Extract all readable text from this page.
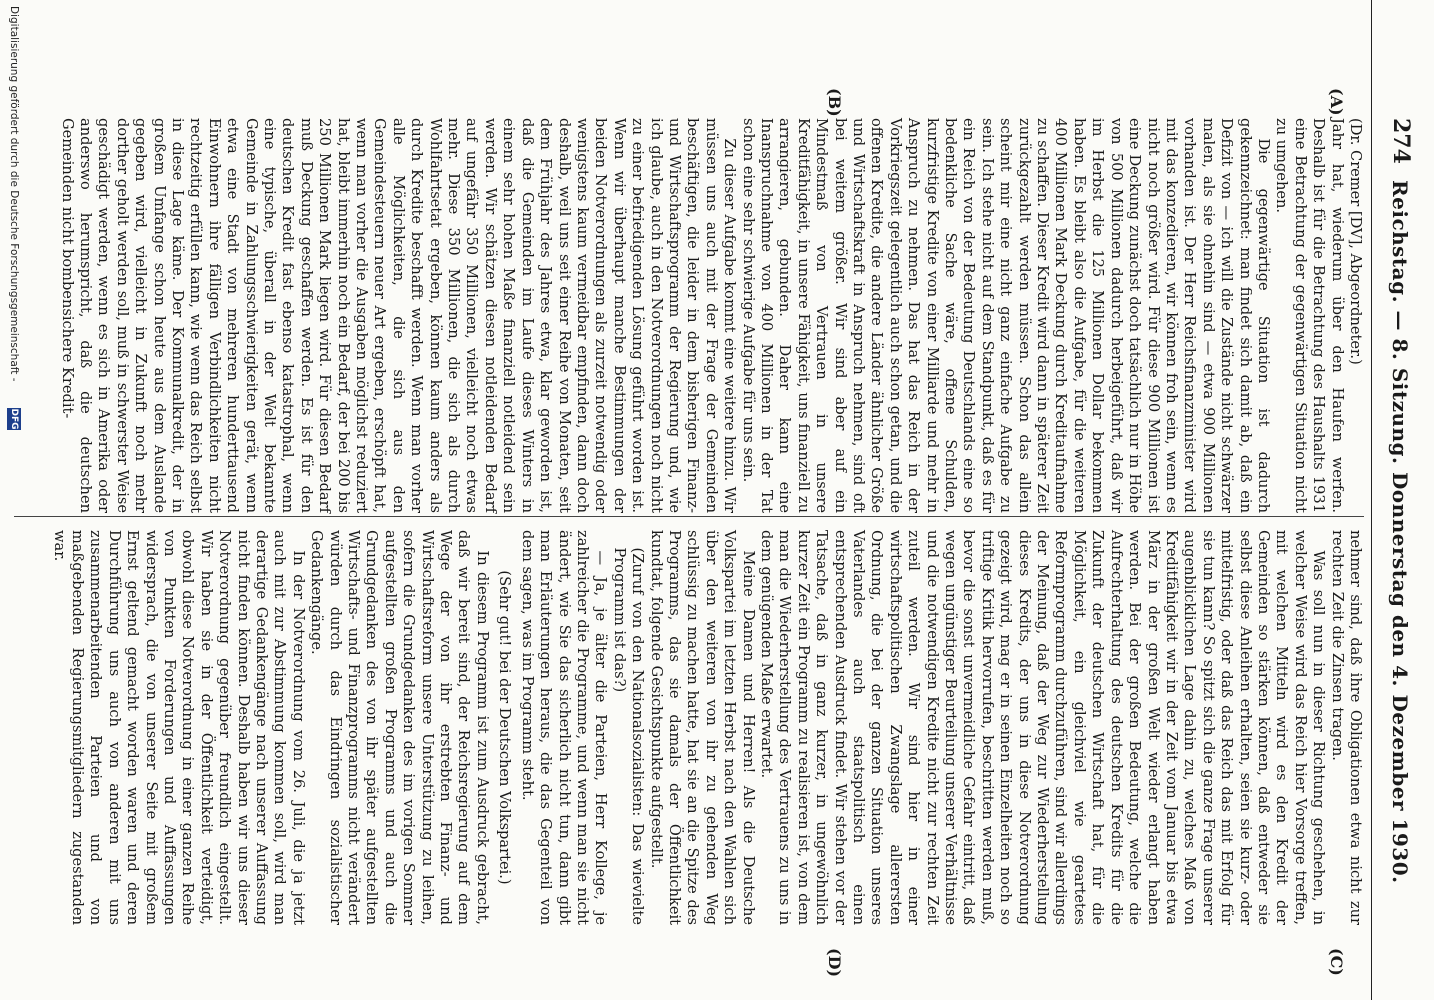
274
Reichstag. — 8. Sitzung. Donnerstag den 4. Dezember 1930.
(A)
(B)
(C)
(D)

(Dr. Cremer [DV], Abgeordneter.)

Jahr hat, wiederum über den Haufen werfen. Deshalb ist für die Betrachtung des Haushalts 1931 eine Betrachtung der gegenwärtigen Situation nicht zu umgehen.

Die gegenwärtige Situation ist dadurch gekennzeichnet: man findet sich damit ab, daß ein Defizit von — ich will die Zustände nicht schwärzer malen, als sie ohnehin sind — etwa 900 Millionen vorhanden ist. Der Herr Reichsfinanzminister wird mit das konzedieren, wir können froh sein, wenn es nicht noch größer wird. Für diese 900 Millionen ist eine Deckung zunächst doch tatsächlich nur in Höhe von 500 Millionen dadurch herbeigeführt, daß wir im Herbst die 125 Millionen Dollar bekommen haben. Es bleibt also die Aufgabe, für die weiteren 400 Millionen Mark Deckung durch Kreditaufnahme zu schaffen. Dieser Kredit wird dann in späterer Zeit zurückgezahlt werden müssen. Schon das allein scheint mir eine nicht ganz einfache Aufgabe zu sein. Ich stehe nicht auf dem Standpunkt, daß es für ein Reich von der Bedeutung Deutschlands eine so bedenkliche Sache wäre, offene Schulden, kurzfristige Kredite von einer Milliarde und mehr in Anspruch zu nehmen. Das hat das Reich in der Vorkriegszeit gelegentlich auch schon getan, und die offenen Kredite, die andere Länder ähnlicher Größe und Wirtschaftskraft in Anspruch nehmen, sind oft bei weitem größer. Wir sind aber auf ein Mindestmaß von Vertrauen in unsere Kreditfähigkeit, in unsere Fähigkeit, uns finanziell zu arrangieren, gebunden. Daher kann eine Inanspruchnahme von 400 Millionen in der Tat schon eine sehr schwierige Aufgabe für uns sein.

Zu dieser Aufgabe kommt eine weitere hinzu. Wir müssen uns auch mit der Frage der Gemeinden beschäftigen, die leider in dem bisherigen Finanz- und Wirtschaftsprogramm der Regierung und, wie ich glaube, auch in den Notverordnungen noch nicht zu einer befriedigenden Lösung geführt worden ist. Wenn wir überhaupt manche Bestimmungen der beiden Notverordnungen als zurzeit notwendig oder wenigstens kaum vermeidbar empfinden, dann doch deshalb, weil uns seit einer Reihe von Monaten, seit dem Frühjahr des Jahres etwa, klar geworden ist, daß die Gemeinden im Laufe dieses Winters in einem sehr hohen Maße finanziell notleidend sein werden. Wir schätzen diesen notleidenden Bedarf auf ungefähr 350 Millionen, vielleicht noch etwas mehr. Diese 350 Millionen, die sich als durch Wohlfahrtsetat ergeben, können kaum anders als durch Kredite beschafft werden. Wenn man vorher alle Möglichkeiten, die sich aus den Gemeindesteuern neuer Art ergeben, erschöpft hat, wenn man vorher die Ausgaben möglichst reduziert hat, bleibt immerhin noch ein Bedarf, der bei 200 bis 250 Millionen Mark liegen wird. Für diesen Bedarf muß Deckung geschaffen werden. Es ist für den deutschen Kredit fast ebenso katastrophal, wenn eine typische, überall in der Welt bekannte Gemeinde in Zahlungsschwierigkeiten gerät, wenn etwa eine Stadt von mehreren hunderttausend Einwohnern ihre fälligen Verbindlichkeiten nicht rechtzeitig erfüllen kann, wie wenn das Reich selbst in diese Lage käme. Der Kommunalkredit, der in großem Umfange schon heute aus dem Auslande gegeben wird, vielleicht in Zukunft noch mehr dorther geholt werden soll, muß in schwerster Weise geschädigt werden, wenn es sich in Amerika oder anderswo herumspricht, daß die deutschen Gemeinden nicht bombensichere Kredit-

nehmer sind, daß ihre Obligationen etwa nicht zur rechten Zeit die Zinsen tragen.

Was soll nun in dieser Richtung geschehen, in welcher Weise wird das Reich hier Vorsorge treffen, mit welchen Mitteln wird es den Kredit der Gemeinden so stärken können, daß entweder sie selbst diese Anleihen erhalten, seien sie kurz- oder mittelfristig, oder daß das Reich das mit Erfolg für sie tun kann? So spitzt sich die ganze Frage unserer augenblicklichen Lage dahin zu, welches Maß von Kreditfähigkeit wir in der Zeit vom Januar bis etwa März in der großen Welt wieder erlangt haben werden. Bei der großen Bedeutung, welche die Aufrechterhaltung des deutschen Kredits für die Zukunft der deutschen Wirtschaft hat, für die Möglichkeit, ein gleichviel wie geartetes Reformprogramm durchzuführen, sind wir allerdings der Meinung, daß der Weg zur Wiederherstellung dieses Kredits, der uns in diese Notverordnung gezeigt wird, mag er in seinen Einzelheiten noch so triftige Kritik hervorrufen, beschritten werden muß, bevor die sonst unvermeidliche Gefahr eintritt, daß wegen ungünstiger Beurteilung unserer Verhältnisse und die notwendigen Kredite nicht zur rechten Zeit zuteil werden. Wir sind hier in einer wirtschaftspolitischen Zwangslage allerersten Ordnung, die bei der ganzen Situation unseres Vaterlandes auch staatspolitisch einen entsprechenden Ausdruck findet. Wir stehen vor der Tatsache, daß in ganz kurzer, in ungewöhnlich kurzer Zeit ein Programm zu realisieren ist, von dem man die Wiederherstellung des Vertrauens zu uns in dem genügenden Maße erwartet.

Meine Damen und Herren! Als die Deutsche Volkspartei im letzten Herbst nach den Wahlen sich über den weiteren von ihr zu gehenden Weg schlüssig zu machen hatte, hat sie an die Spitze des Programms, das sie damals der Öffentlichkeit kundtat, folgende Gesichtspunkte aufgestellt.

(Zuruf von den Nationalsozialisten: Das wievielte Programm ist das?)

— Ja, je älter die Parteien, Herr Kollege, je zahlreicher die Programme, und wenn man sie nicht ändert, wie Sie das sicherlich nicht tun, dann gibt man Erläuterungen heraus, die das Gegenteil von dem sagen, was im Programm steht.

(Sehr gut! bei der Deutschen Volkspartei.)

In diesem Programm ist zum Ausdruck gebracht, daß wir bereit sind, der Reichsregierung auf dem Wege der von ihr erstrebten Finanz- und Wirtschaftsreform unsere Unterstützung zu leihen, sofern die Grundgedanken des im vorigen Sommer aufgestellten großen Programms und auch die Grundgedanken des von ihr später aufgestellten Wirtschafts- und Finanzprogramms nicht verändert würden durch das Eindringen sozialistischer Gedankengänge.

In der Notverordnung vom 26. Juli, die ja jetzt auch mit zur Abstimmung kommen soll, wird man derartige Gedankengänge nach unserer Auffassung nicht finden können. Deshalb haben wir uns dieser Notverordnung gegenüber freundlich eingestellt. Wir haben sie in der Öffentlichkeit verteidigt, obwohl diese Notverordnung in einer ganzen Reihe von Punkten Forderungen und Auffassungen widersprach, die von unserer Seite mit großem Ernst geltend gemacht worden waren und deren Durchführung uns auch von anderen mit uns zusammenarbeitenden Parteien und von maßgebenden Regierungsmitgliedern zugestanden war.

Digitalisierung gefördert durch die Deutsche Forschungsgemeinschaft -
DFG
